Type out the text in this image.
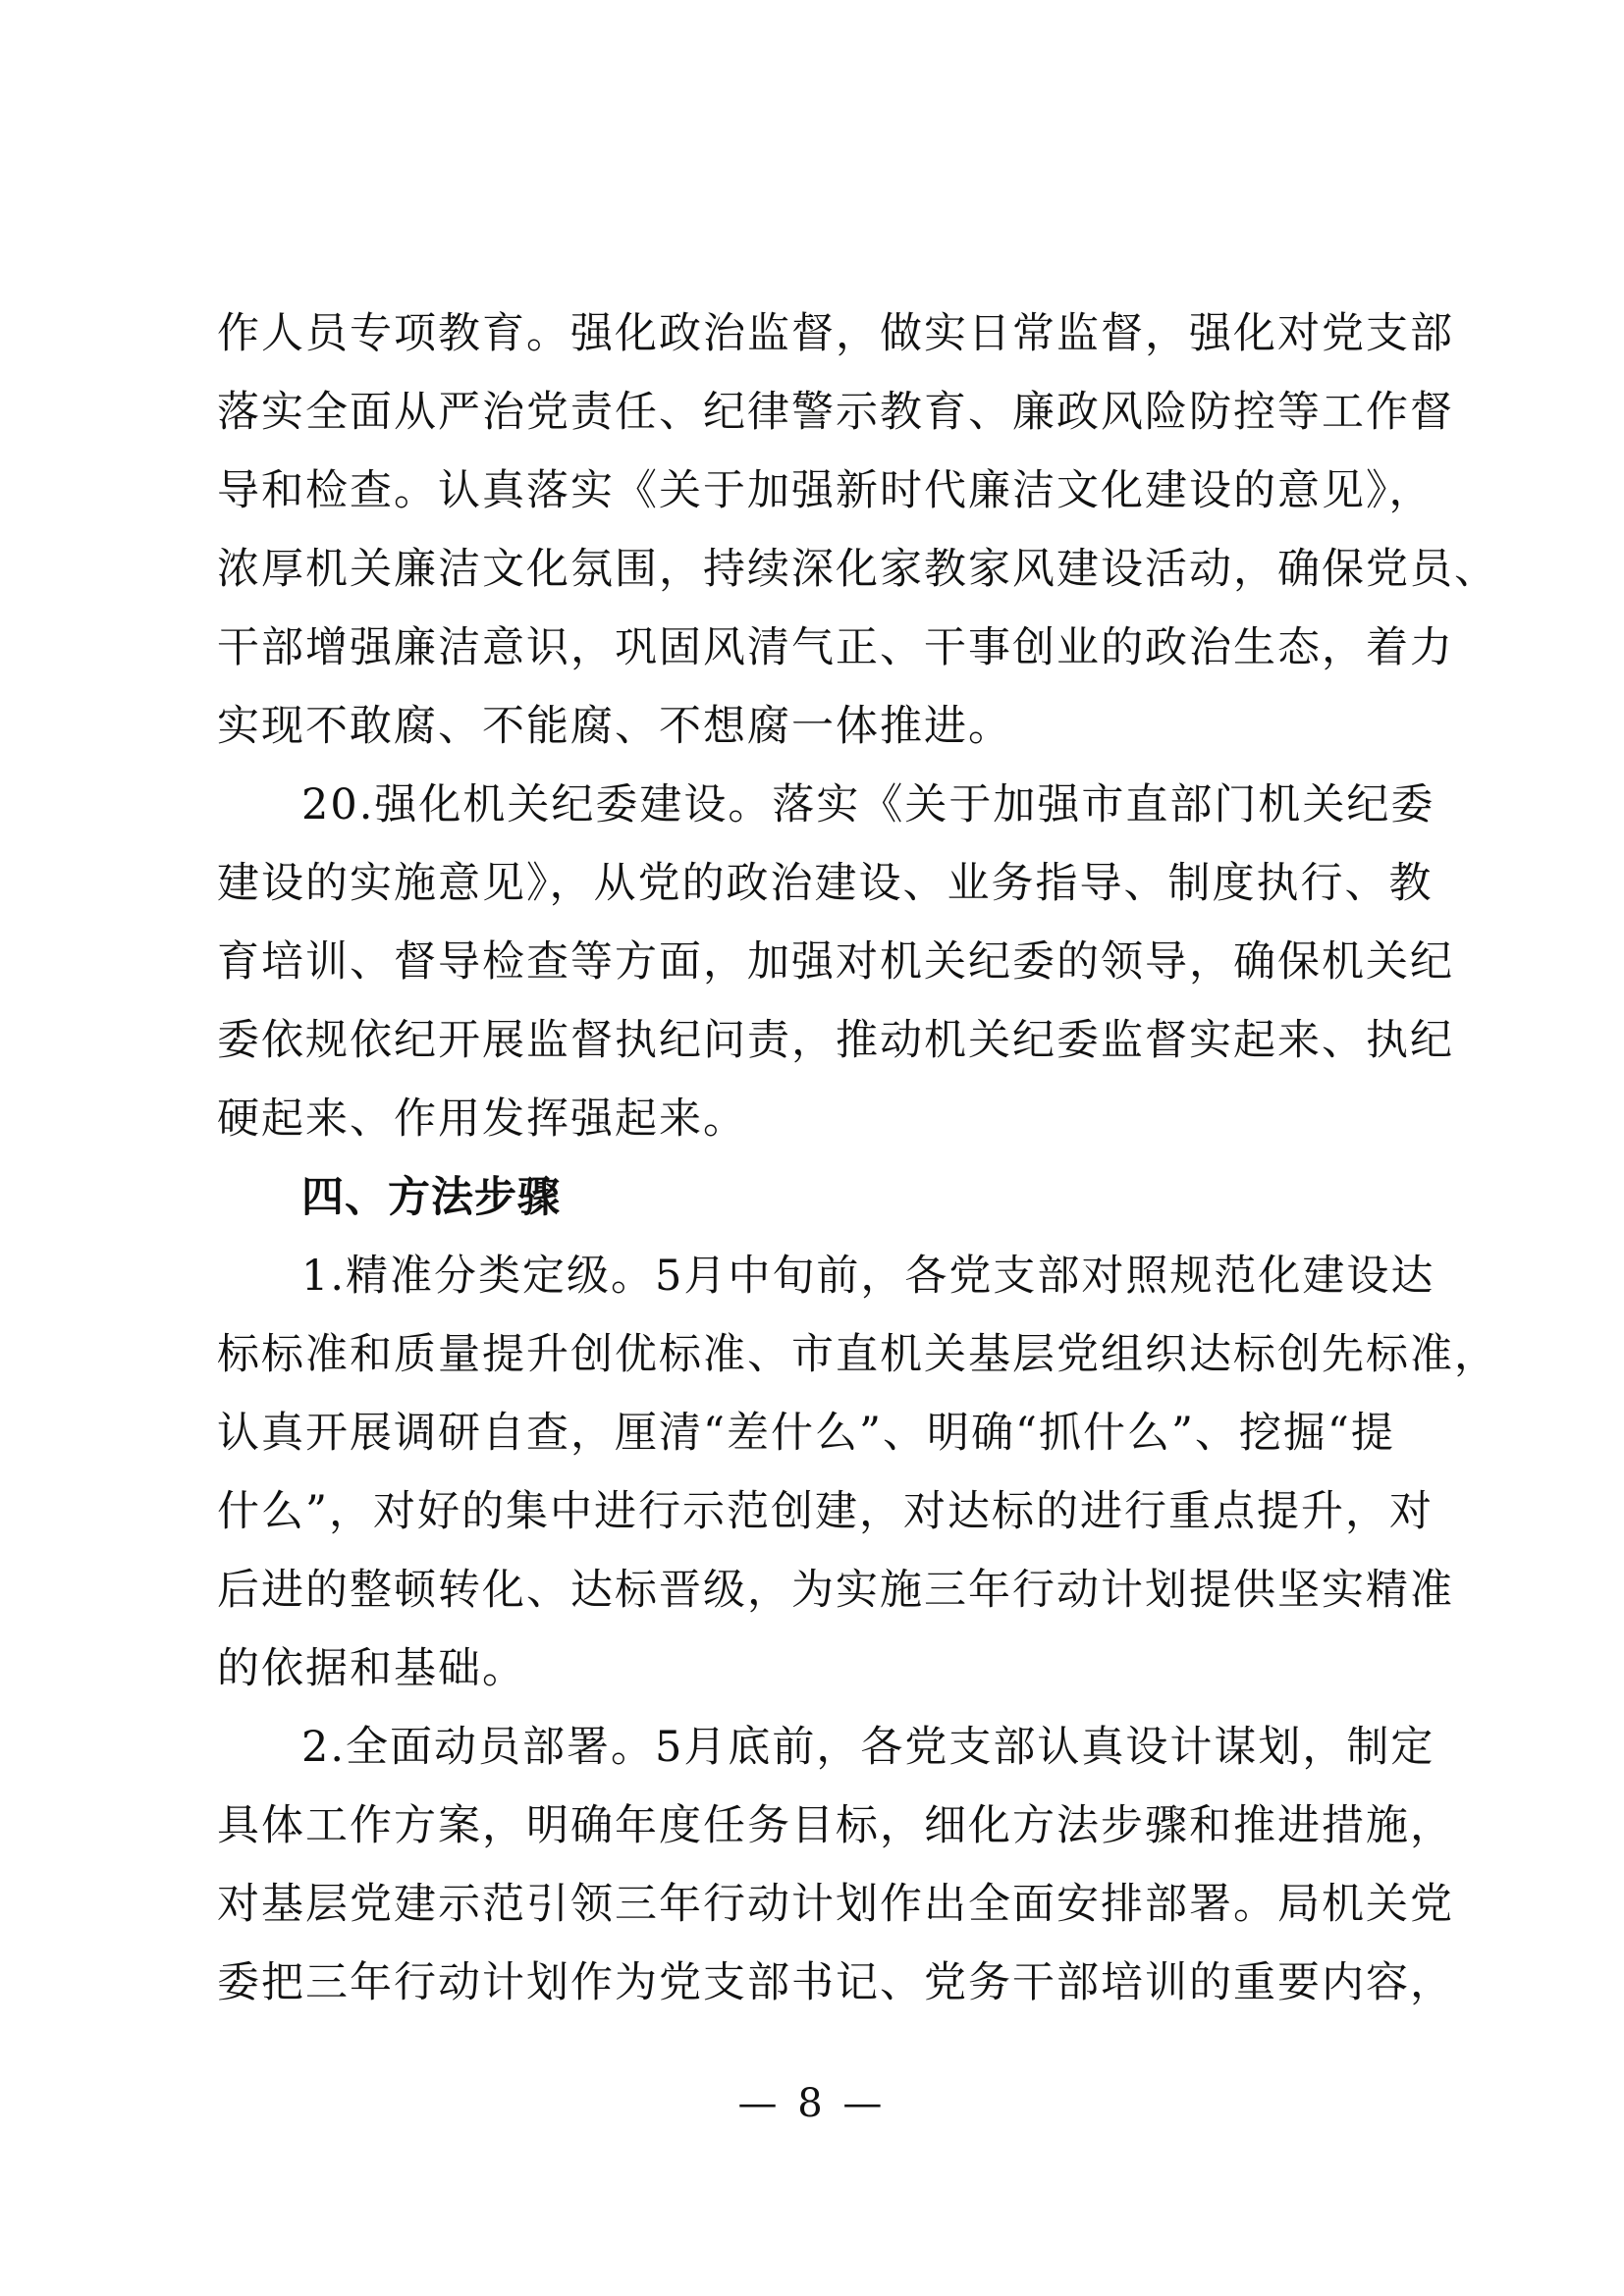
作人员专项教育。强化政治监督，做实日常监督，强化对党支部
落实全面从严治党责任、纪律警示教育、廉政风险防控等工作督
导和检查。认真落实《关于加强新时代廉洁文化建设的意见》，
浓厚机关廉洁文化氛围，持续深化家教家风建设活动，确保党员、
干部增强廉洁意识，巩固风清气正、干事创业的政治生态，着力
实现不敢腐、不能腐、不想腐一体推进。
20.强化机关纪委建设。落实《关于加强市直部门机关纪委
建设的实施意见》，从党的政治建设、业务指导、制度执行、教
育培训、督导检查等方面，加强对机关纪委的领导，确保机关纪
委依规依纪开展监督执纪问责，推动机关纪委监督实起来、执纪
硬起来、作用发挥强起来。
四、方法步骤
1.精准分类定级。5月中旬前，各党支部对照规范化建设达
标标准和质量提升创优标准、市直机关基层党组织达标创先标准，
认真开展调研自查，厘清“差什么”、明确“抓什么”、挖掘“提
什么”，对好的集中进行示范创建，对达标的进行重点提升，对
后进的整顿转化、达标晋级，为实施三年行动计划提供坚实精准
的依据和基础。
2.全面动员部署。5月底前，各党支部认真设计谋划，制定
具体工作方案，明确年度任务目标，细化方法步骤和推进措施，
对基层党建示范引领三年行动计划作出全面安排部署。局机关党
委把三年行动计划作为党支部书记、党务干部培训的重要内容，
— 8 —
